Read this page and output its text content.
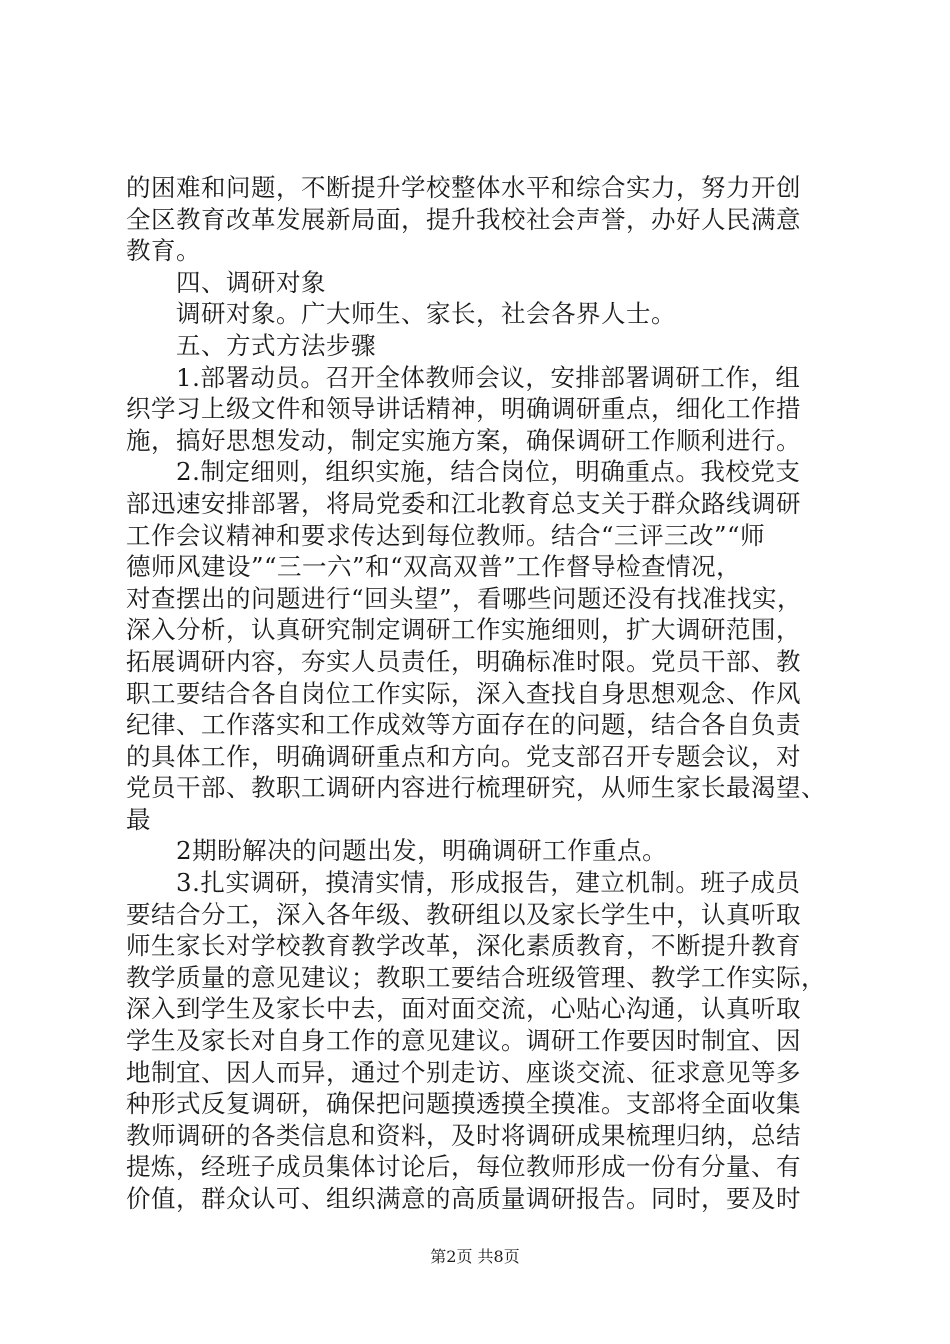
的困难和问题，不断提升学校整体水平和综合实力，努力开创
全区教育改革发展新局面，提升我校社会声誉，办好人民满意
教育。
四、调研对象
调研对象。广大师生、家长，社会各界人士。
五、方式方法步骤
1.部署动员。召开全体教师会议，安排部署调研工作，组
织学习上级文件和领导讲话精神，明确调研重点，细化工作措
施，搞好思想发动，制定实施方案，确保调研工作顺利进行。
2.制定细则，组织实施，结合岗位，明确重点。我校党支
部迅速安排部署，将局党委和江北教育总支关于群众路线调研
工作会议精神和要求传达到每位教师。结合“三评三改”“师
德师风建设”“三一六”和“双高双普”工作督导检查情况，
对查摆出的问题进行“回头望”，看哪些问题还没有找准找实，
深入分析，认真研究制定调研工作实施细则，扩大调研范围，
拓展调研内容，夯实人员责任，明确标准时限。党员干部、教
职工要结合各自岗位工作实际，深入查找自身思想观念、作风
纪律、工作落实和工作成效等方面存在的问题，结合各自负责
的具体工作，明确调研重点和方向。党支部召开专题会议，对
党员干部、教职工调研内容进行梳理研究，从师生家长最渴望、
最
2期盼解决的问题出发，明确调研工作重点。
3.扎实调研，摸清实情，形成报告，建立机制。班子成员
要结合分工，深入各年级、教研组以及家长学生中，认真听取
师生家长对学校教育教学改革，深化素质教育，不断提升教育
教学质量的意见建议；教职工要结合班级管理、教学工作实际，
深入到学生及家长中去，面对面交流，心贴心沟通，认真听取
学生及家长对自身工作的意见建议。调研工作要因时制宜、因
地制宜、因人而异，通过个别走访、座谈交流、征求意见等多
种形式反复调研，确保把问题摸透摸全摸准。支部将全面收集
教师调研的各类信息和资料，及时将调研成果梳理归纳，总结
提炼，经班子成员集体讨论后，每位教师形成一份有分量、有
价值，群众认可、组织满意的高质量调研报告。同时，要及时
第2页 共8页
